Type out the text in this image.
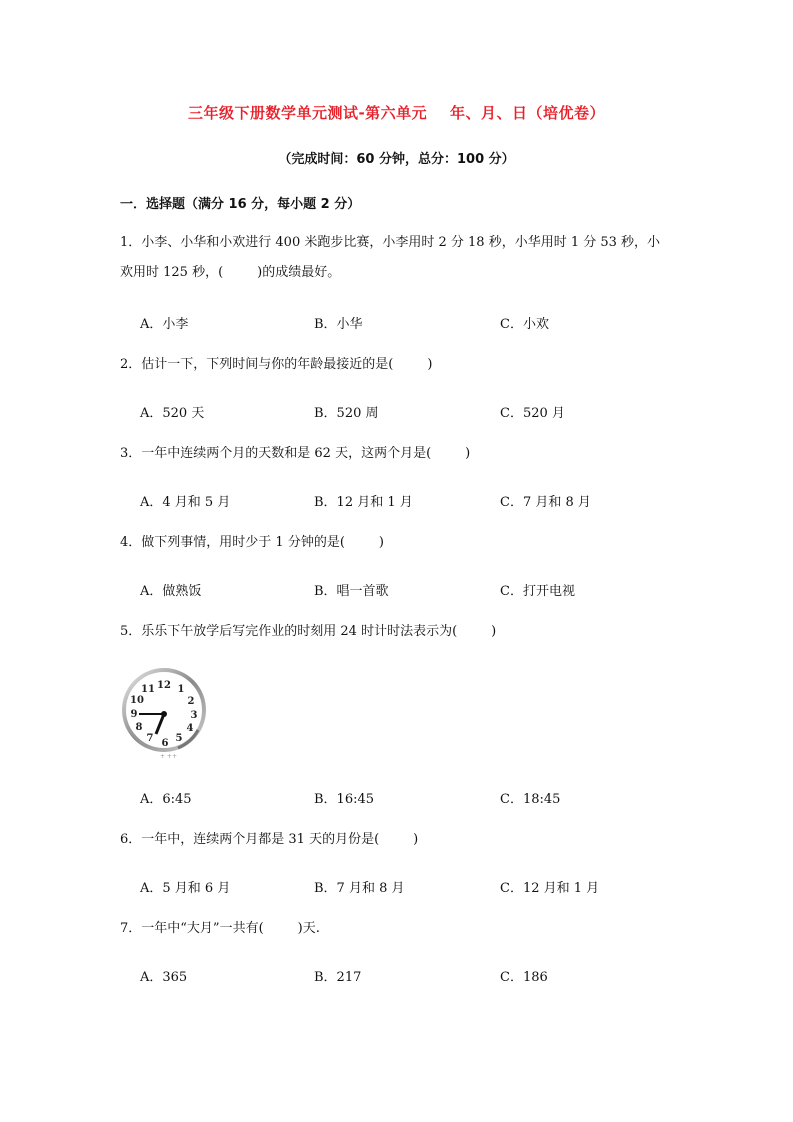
三年级下册数学单元测试-第六单元    年、月、日（培优卷）
（完成时间：60 分钟，总分：100 分）
一．选择题（满分 16 分，每小题 2 分）
1．小李、小华和小欢进行 400 米跑步比赛，小李用时 2 分 18 秒，小华用时 1 分 53 秒，小
欢用时 125 秒，(	)的成绩最好。
A．小李	B．小华	C．小欢
2．估计一下，下列时间与你的年龄最接近的是(	)
A．520 天	B．520 周	C．520 月
3．一年中连续两个月的天数和是 62 天，这两个月是(	)
A．4 月和 5 月	B．12 月和 1 月	C．7 月和 8 月
4．做下列事情，用时少于 1 分钟的是(	)
A．做熟饭	B．唱一首歌	C．打开电视
5．乐乐下午放学后写完作业的时刻用 24 时计时法表示为(	)
12 1
2
3
4
5
6
7
8
9
10
11
+ ++
A．6:45	B．16:45	C．18:45
6．一年中，连续两个月都是 31 天的月份是(	)
A．5 月和 6 月	B．7 月和 8 月	C．12 月和 1 月
7．一年中“大月”一共有(	)天.
A．365	B．217	C．186
